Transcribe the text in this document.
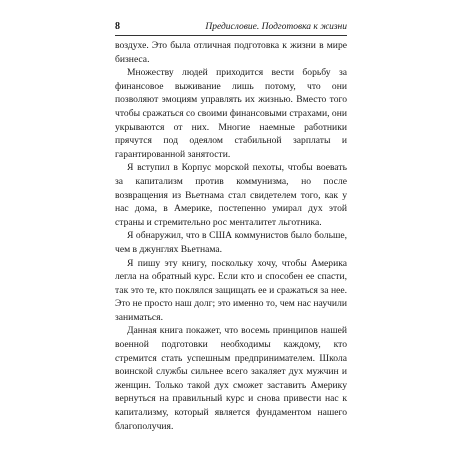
8	Предисловие. Подготовка к жизни

воздухе. Это была отличная подготовка к жизни в мире бизнеса.

Множеству людей приходится вести борьбу за финансовое выживание лишь потому, что они позволяют эмоциям управлять их жизнью. Вместо того чтобы сражаться со своими финансовыми страхами, они укрываются от них. Многие наемные работники прячутся под одеялом стабильной зарплаты и гарантированной занятости.

Я вступил в Корпус морской пехоты, чтобы воевать за капитализм против коммунизма, но после возвращения из Вьетнама стал свидетелем того, как у нас дома, в Америке, постепенно умирал дух этой страны и стремительно рос менталитет льготника.

Я обнаружил, что в США коммунистов было больше, чем в джунглях Вьетнама.

Я пишу эту книгу, поскольку хочу, чтобы Америка легла на обратный курс. Если кто и способен ее спасти, так это те, кто поклялся защищать ее и сражаться за нее. Это не просто наш долг; это именно то, чем нас научили заниматься.

Данная книга покажет, что восемь принципов нашей военной подготовки необходимы каждому, кто стремится стать успешным предпринимателем. Школа воинской службы сильнее всего закаляет дух мужчин и женщин. Только такой дух сможет заставить Америку вернуться на правильный курс и снова привести нас к капитализму, который является фундаментом нашего благополучия.
